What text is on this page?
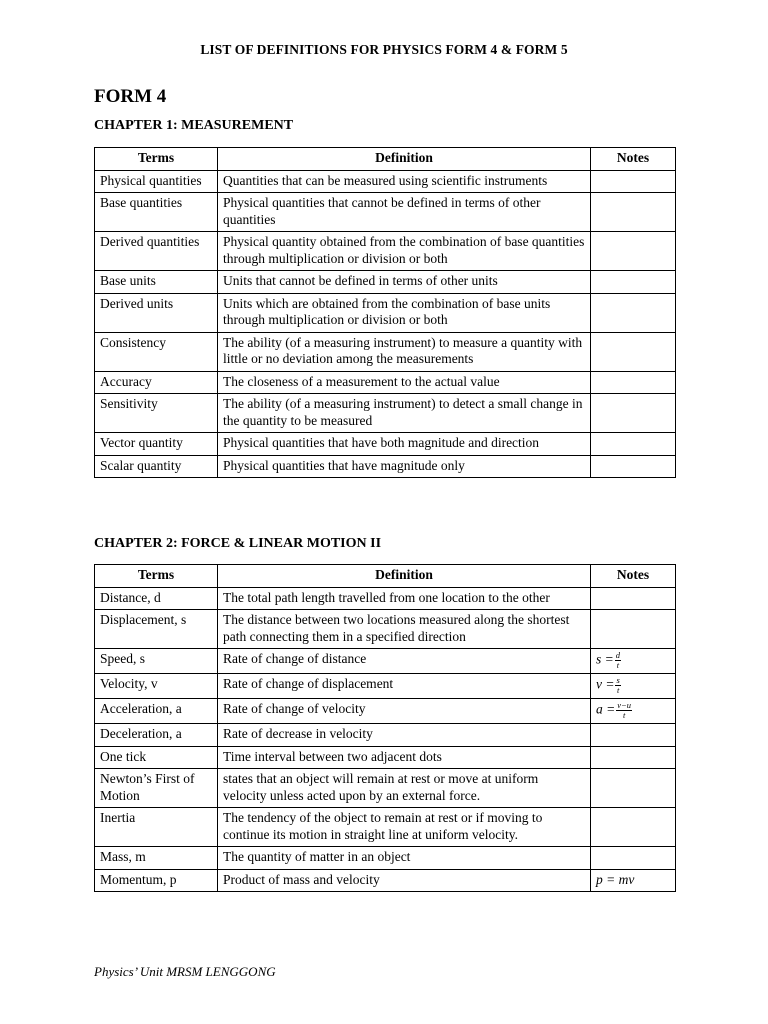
LIST OF DEFINITIONS FOR PHYSICS FORM 4 & FORM 5
FORM 4
CHAPTER 1: MEASUREMENT
Terms	Definition	Notes
Physical quantities	Quantities that can be measured using scientific instruments	
Base quantities	Physical quantities that cannot be defined in terms of other quantities	
Derived quantities	Physical quantity obtained from the combination of base quantities through multiplication or division or both	
Base units	Units that cannot be defined in terms of other units	
Derived units	Units which are obtained from the combination of base units through multiplication or division or both	
Consistency	The ability (of a measuring instrument) to measure a quantity with little or no deviation among the measurements	
Accuracy	The closeness of a measurement to the actual value	
Sensitivity	The ability (of a measuring instrument) to detect a small change in the quantity to be measured	
Vector quantity	Physical quantities that have both magnitude and direction	
Scalar quantity	Physical quantities that have magnitude only	
CHAPTER 2: FORCE & LINEAR MOTION II
Terms	Definition	Notes
Distance, d	The total path length travelled from one location to the other	
Displacement, s	The distance between two locations measured along the shortest path connecting them in a specified direction	
Speed, s	Rate of change of distance	$s = \frac{d}{t}$

Velocity, v	Rate of change of displacement	$v = \frac{s}{t}$

Acceleration, a	Rate of change of velocity	$a = \frac{v-u}{t}$

Deceleration, a	Rate of decrease in velocity	
One tick	Time interval between two adjacent dots	
Newton’s First of Motion	states that an object will remain at rest or move at uniform velocity unless acted upon by an external force.	
Inertia	The tendency of the object to remain at rest or if moving to continue its motion in straight line at uniform velocity.	
Mass, m	The quantity of matter in an object	
Momentum, p	Product of mass and velocity	p = mv
Physics’ Unit MRSM LENGGONG
